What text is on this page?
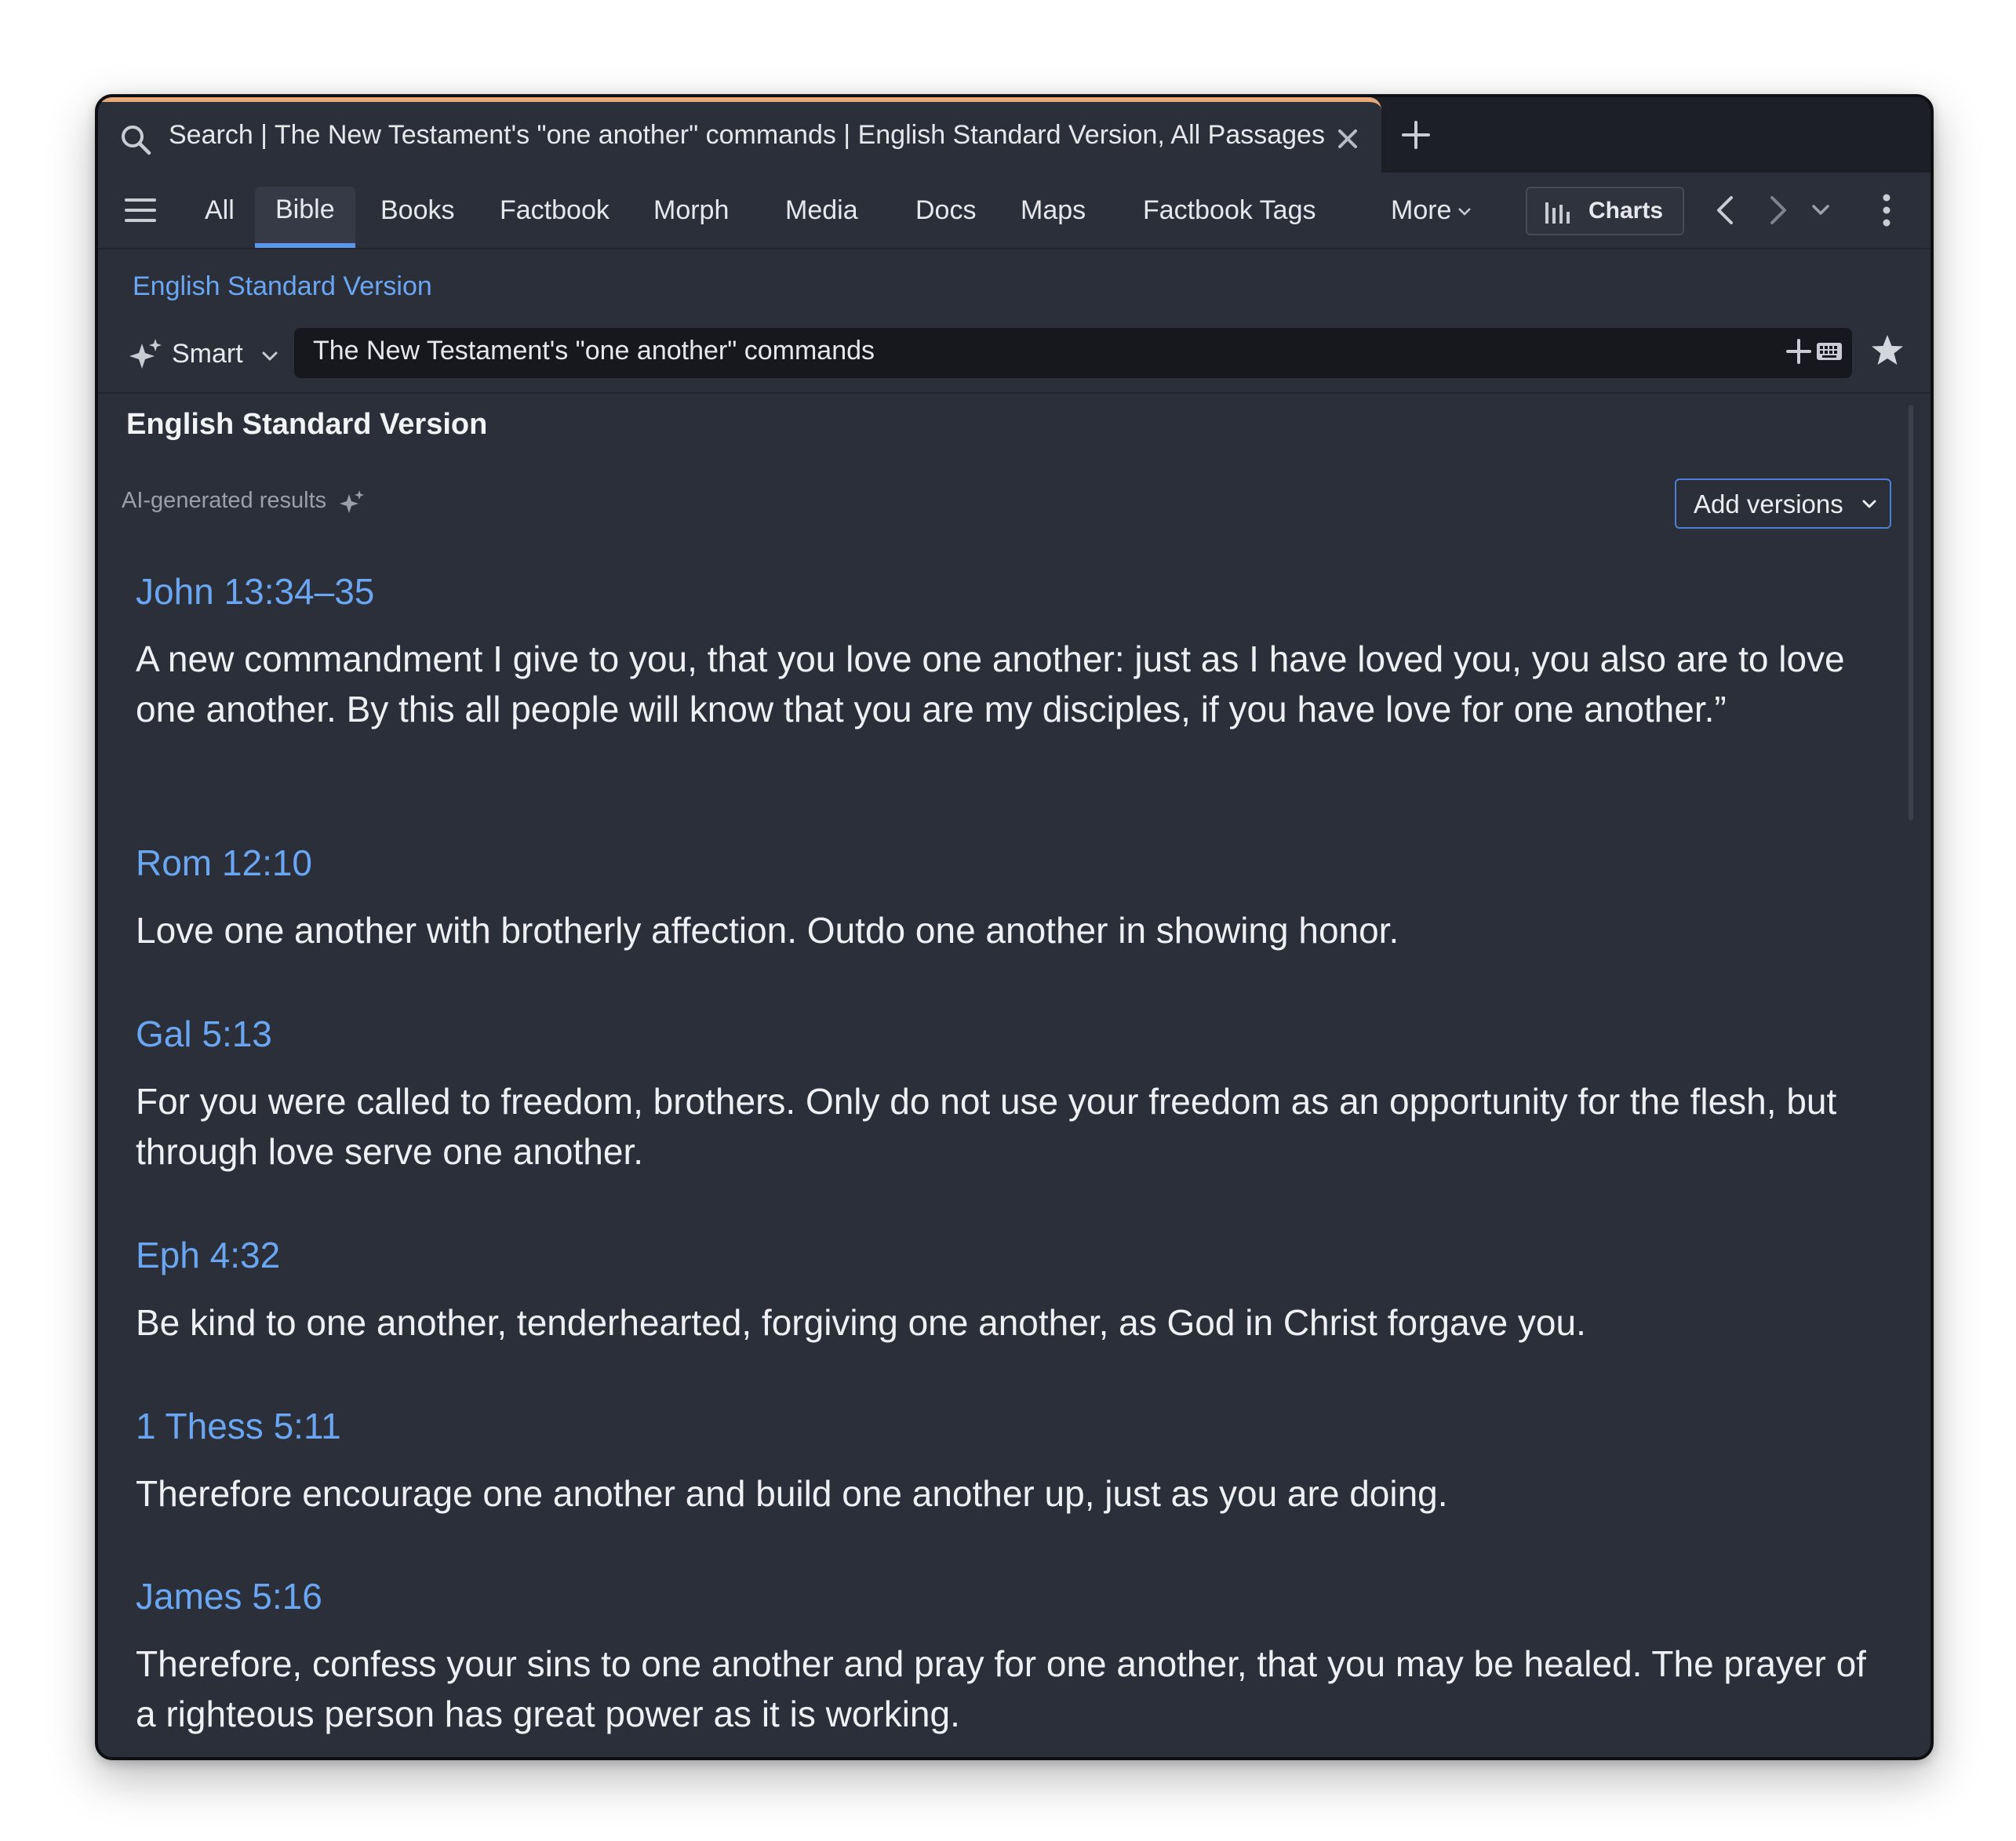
Search | The New Testament's "one another" commands | English Standard Version, All Passages
All	Bible	Books	Factbook	Morph	Media	Docs	Maps	Factbook Tags	More	Charts
English Standard Version
Smart	The New Testament's "one another" commands
English Standard Version
AI-generated results	Add versions
John 13:34–35
A new commandment I give to you, that you love one another: just as I have loved you, you also are to love one another. By this all people will know that you are my disciples, if you have love for one another.”
Rom 12:10
Love one another with brotherly affection. Outdo one another in showing honor.
Gal 5:13
For you were called to freedom, brothers. Only do not use your freedom as an opportunity for the flesh, but through love serve one another.
Eph 4:32
Be kind to one another, tenderhearted, forgiving one another, as God in Christ forgave you.
1 Thess 5:11
Therefore encourage one another and build one another up, just as you are doing.
James 5:16
Therefore, confess your sins to one another and pray for one another, that you may be healed. The prayer of a righteous person has great power as it is working.
